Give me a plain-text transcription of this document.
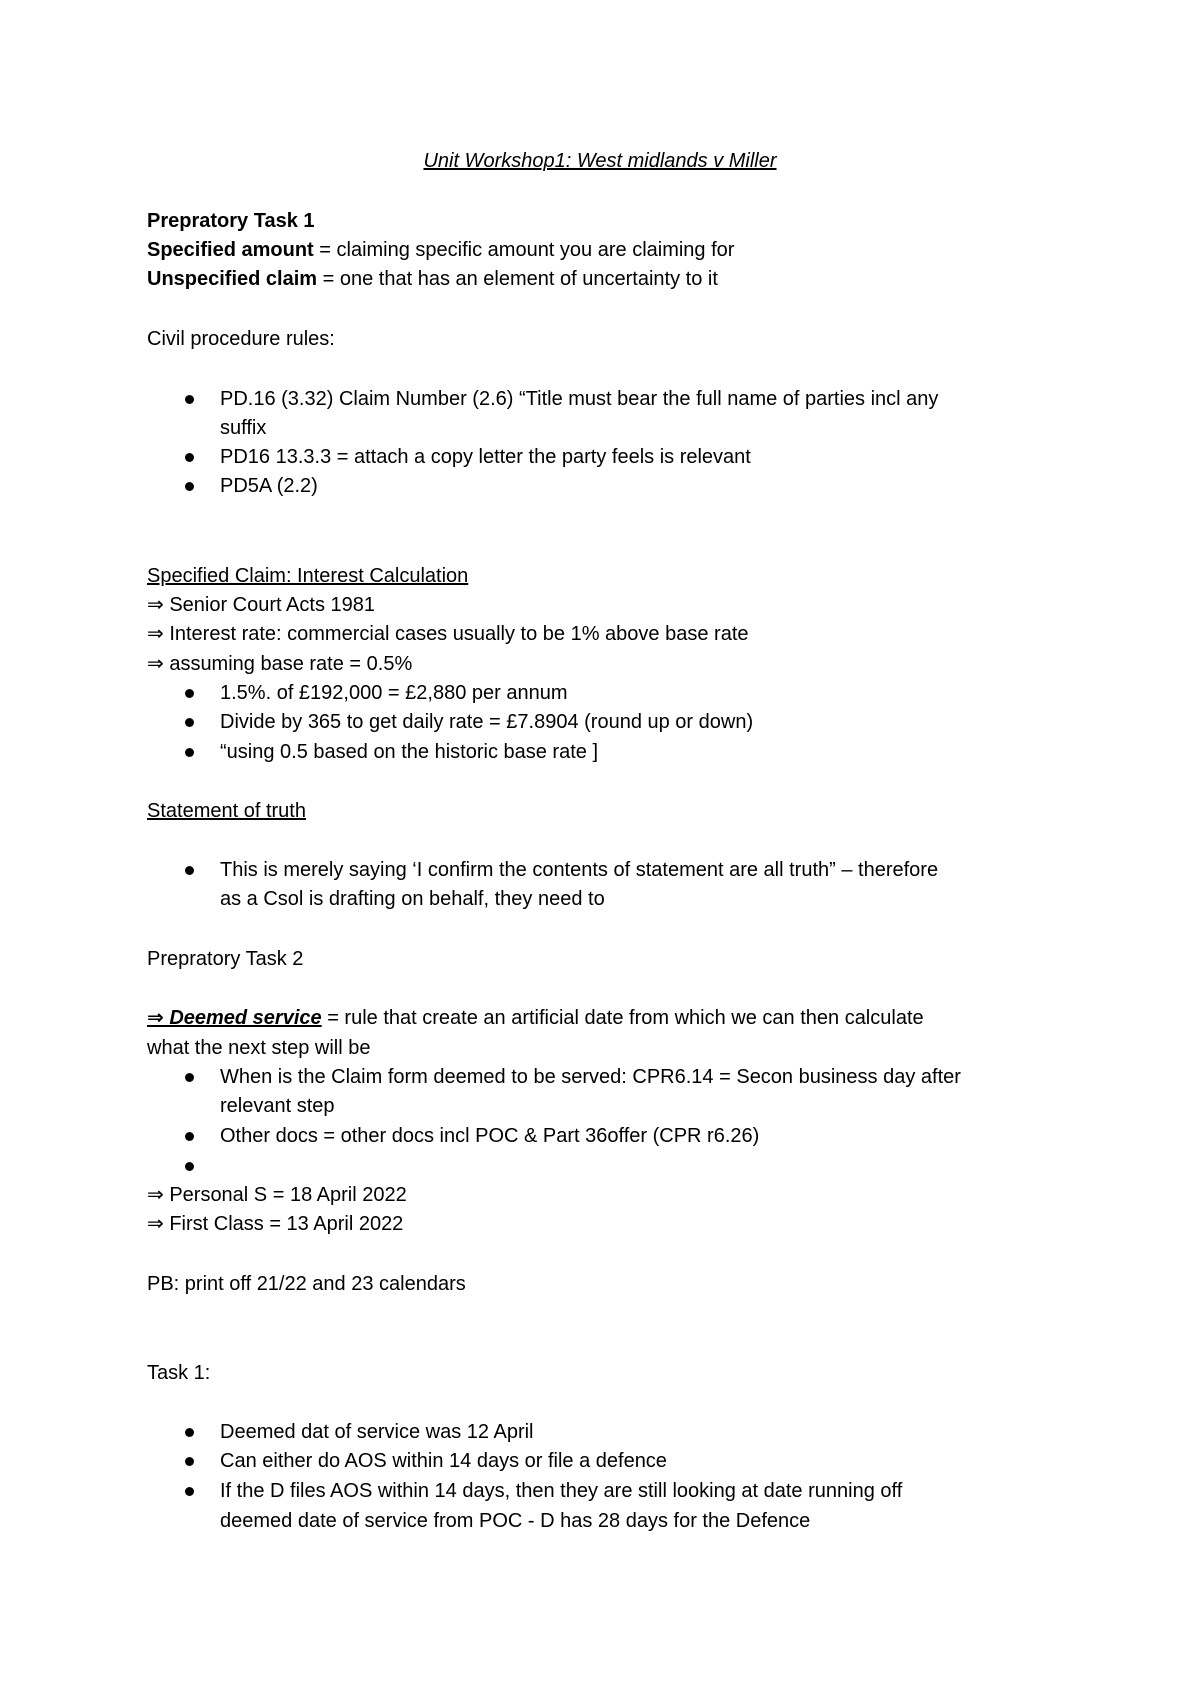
Unit Workshop1: West midlands v Miller
Prepratory Task 1
Specified amount = claiming specific amount you are claiming for
Unspecified claim = one that has an element of uncertainty to it
Civil procedure rules:
PD.16 (3.32) Claim Number (2.6) “Title must bear the full name of parties incl any
suffix
PD16 13.3.3 = attach a copy letter the party feels is relevant
PD5A (2.2)
Specified Claim: Interest Calculation
⇒ Senior Court Acts 1981
⇒ Interest rate: commercial cases usually to be 1% above base rate
⇒ assuming base rate = 0.5%
1.5%. of £192,000 = £2,880 per annum
Divide by 365 to get daily rate = £7.8904 (round up or down)
“using 0.5 based on the historic base rate ]
Statement of truth
This is merely saying ‘I confirm the contents of statement are all truth” – therefore
as a Csol is drafting on behalf, they need to
Prepratory Task 2
⇒ Deemed service = rule that create an artificial date from which we can then calculate
what the next step will be
When is the Claim form deemed to be served: CPR6.14 = Secon business day after
relevant step
Other docs = other docs incl POC & Part 36offer (CPR r6.26)
⇒ Personal S = 18 April 2022
⇒ First Class = 13 April 2022
PB: print off 21/22 and 23 calendars
Task 1:
Deemed dat of service was 12 April
Can either do AOS within 14 days or file a defence
If the D files AOS within 14 days, then they are still looking at date running off
deemed date of service from POC - D has 28 days for the Defence
